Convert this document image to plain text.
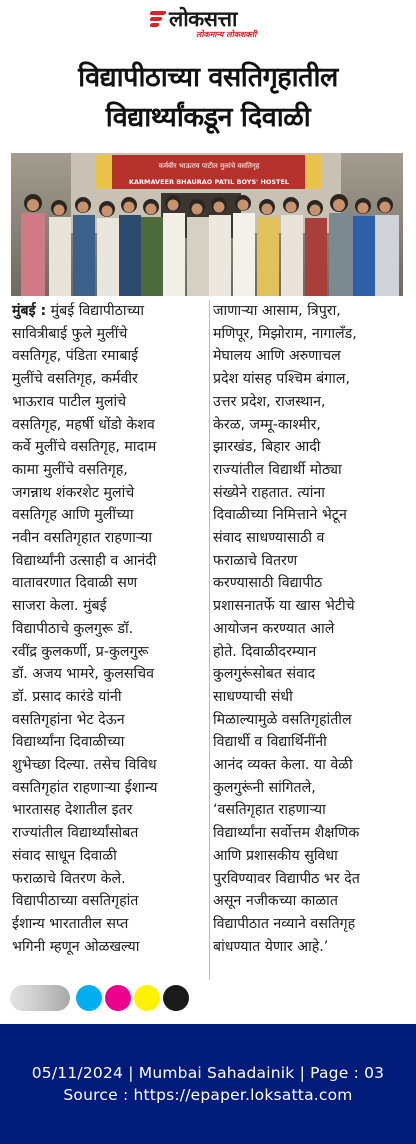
लोकसत्ता
लोकमान्य लोकशक्ती
विद्यापीठाच्या वसतिगृहातील
विद्यार्थ्यांकडून दिवाळी
कर्मवीर भाऊराव पाटील मुलांचे वसतिगृह
KARMAVEER BHAURAO PATIL BOYS' HOSTEL

मुंबई : मुंबई विद्यापीठाच्या
सावित्रीबाई फुले मुलींचे
वसतिगृह, पंडिता रमाबाई
मुलींचे वसतिगृह, कर्मवीर
भाऊराव पाटील मुलांचे
वसतिगृह, महर्षी धोंडो केशव
कर्वे मुलींचे वसतिगृह, मादाम
कामा मुलींचे वसतिगृह,
जगन्नाथ शंकरशेट मुलांचे
वसतिगृह आणि मुलींच्या
नवीन वसतिगृहात राहणाऱ्या
विद्यार्थ्यांनी उत्साही व आनंदी
वातावरणात दिवाळी सण
साजरा केला. मुंबई
विद्यापीठाचे कुलगुरू डॉ.
रवींद्र कुलकर्णी, प्र-कुलगुरू
डॉ. अजय भामरे, कुलसचिव
डॉ. प्रसाद कारंडे यांनी
वसतिगृहांना भेट देऊन
विद्यार्थ्यांना दिवाळीच्या
शुभेच्छा दिल्या. तसेच विविध
वसतिगृहांत राहणाऱ्या ईशान्य
भारतासह देशातील इतर
राज्यांतील विद्यार्थ्यांसोबत
संवाद साधून दिवाळी
फराळाचे वितरण केले.
विद्यापीठाच्या वसतिगृहांत
ईशान्य भारतातील सप्त
भगिनी म्हणून ओळखल्या

जाणाऱ्या आसाम, त्रिपुरा,
मणिपूर, मिझोराम, नागालँड,
मेघालय आणि अरुणाचल
प्रदेश यांसह पश्चिम बंगाल,
उत्तर प्रदेश, राजस्थान,
केरळ, जम्मू-काश्मीर,
झारखंड, बिहार आदी
राज्यांतील विद्यार्थी मोठ्या
संख्येने राहतात. त्यांना
दिवाळीच्या निमित्ताने भेटून
संवाद साधण्यासाठी व
फराळाचे वितरण
करण्यासाठी विद्यापीठ
प्रशासनातर्फे या खास भेटीचे
आयोजन करण्यात आले
होते. दिवाळीदरम्यान
कुलगुरूंसोबत संवाद
साधण्याची संधी
मिळाल्यामुळे वसतिगृहांतील
विद्यार्थी व विद्यार्थिनींनी
आनंद व्यक्त केला. या वेळी
कुलगुरूंनी सांगितले,
‘वसतिगृहात राहणाऱ्या
विद्यार्थ्यांना सर्वोत्तम शैक्षणिक
आणि प्रशासकीय सुविधा
पुरविण्यावर विद्यापीठ भर देत
असून नजीकच्या काळात
विद्यापीठात नव्याने वसतिगृह
बांधण्यात येणार आहे.’

05/11/2024 | Mumbai Sahadainik | Page : 03
Source : https://epaper.loksatta.com
